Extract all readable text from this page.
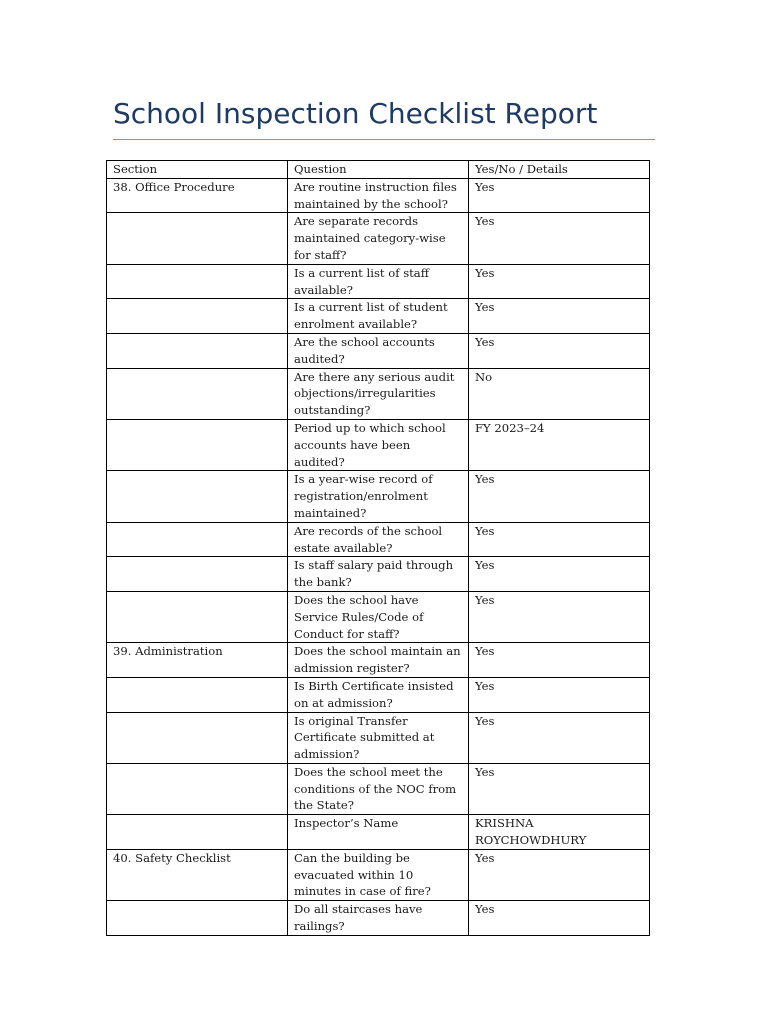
School Inspection Checklist Report
Section	Question	Yes/No / Details
38. Office Procedure	Are routine instruction files maintained by the school?	Yes
	Are separate records maintained category-wise for staff?	Yes
	Is a current list of staff available?	Yes
	Is a current list of student enrolment available?	Yes
	Are the school accounts audited?	Yes
	Are there any serious audit objections/irregularities outstanding?	No
	Period up to which school accounts have been audited?	FY 2023–24
	Is a year-wise record of registration/enrolment maintained?	Yes
	Are records of the school estate available?	Yes
	Is staff salary paid through the bank?	Yes
	Does the school have Service Rules/Code of Conduct for staff?	Yes
39. Administration	Does the school maintain an admission register?	Yes
	Is Birth Certificate insisted on at admission?	Yes
	Is original Transfer Certificate submitted at admission?	Yes
	Does the school meet the conditions of the NOC from the State?	Yes
	Inspector’s Name	KRISHNA ROYCHOWDHURY
40. Safety Checklist	Can the building be evacuated within 10 minutes in case of fire?	Yes
	Do all staircases have railings?	Yes
